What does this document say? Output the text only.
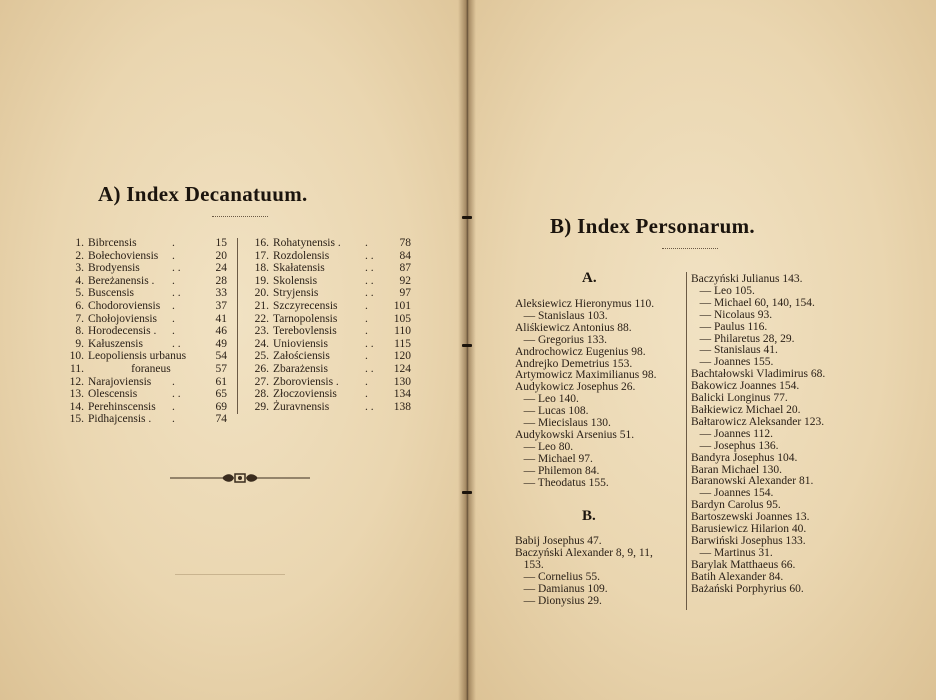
A) Index Decanatuum.
1. Bibrcensis	.	15
2. Bołechoviensis .	20
3. Brodyensis	. .	24
4. Bereżanensis . .	28
5. Buscensis	. .	33
6. Chodoroviensis .	37
7. Chołojoviensis .	41
8. Horodecensis . .	46
9. Kałuszensis	. .	49
10. Leopoliensis urbanus	54
11. foraneus	57
12. Narajoviensis .	61
13. Olescensis	. .	65
14. Perehinscensis .	69
15. Pidhajcensis . .	74
16. Rohatynensis . .	78
17. Rozdolensis	. .	84
18. Skałatensis	. .	87
19. Skolensis	. .	92
20. Stryjensis	. .	97
21. Szczyrecensis .	101
22. Tarnopolensis .	105
23. Terebovlensis .	110
24. Unioviensis	. .	115
25. Załościensis	.	120
26. Zbarażensis	. .	124
27. Zboroviensis . .	130
28. Złoczoviensis .	134
29. Żuravnensis	. .	138
B) Index Personarum.
A.
Aleksiewicz Hieronymus 110.
— Stanislaus 103.
Aliśkiewicz Antonius 88.
— Gregorius 133.
Androchowicz Eugenius 98.
Andrejko Demetrius 153.
Artymowicz Maximilianus 98.
Audykowicz Josephus 26.
— Leo 140.
— Lucas 108.
— Miecislaus 130.
Audykowski Arsenius 51.
— Leo 80.
— Michael 97.
— Philemon 84.
— Theodatus 155.
B.
Babij Josephus 47.
Baczyński Alexander 8, 9, 11,
153.
— Cornelius 55.
— Damianus 109.
— Dionysius 29.
Baczyński Julianus 143.
— Leo 105.
— Michael 60, 140, 154.
— Nicolaus 93.
— Paulus 116.
— Philaretus 28, 29.
— Stanislaus 41.
— Joannes 155.
Bachtałowski Vladimirus 68.
Bakowicz Joannes 154.
Balicki Longinus 77.
Bałkiewicz Michael 20.
Bałtarowicz Aleksander 123.
— Joannes 112.
— Josephus 136.
Bandyra Josephus 104.
Baran Michael 130.
Baranowski Alexander 81.
— Joannes 154.
Bardyn Carolus 95.
Bartoszewski Joannes 13.
Barusiewicz Hilarion 40.
Barwiński Josephus 133.
— Martinus 31.
Barylak Matthaeus 66.
Batih Alexander 84.
Bażański Porphyrius 60.
